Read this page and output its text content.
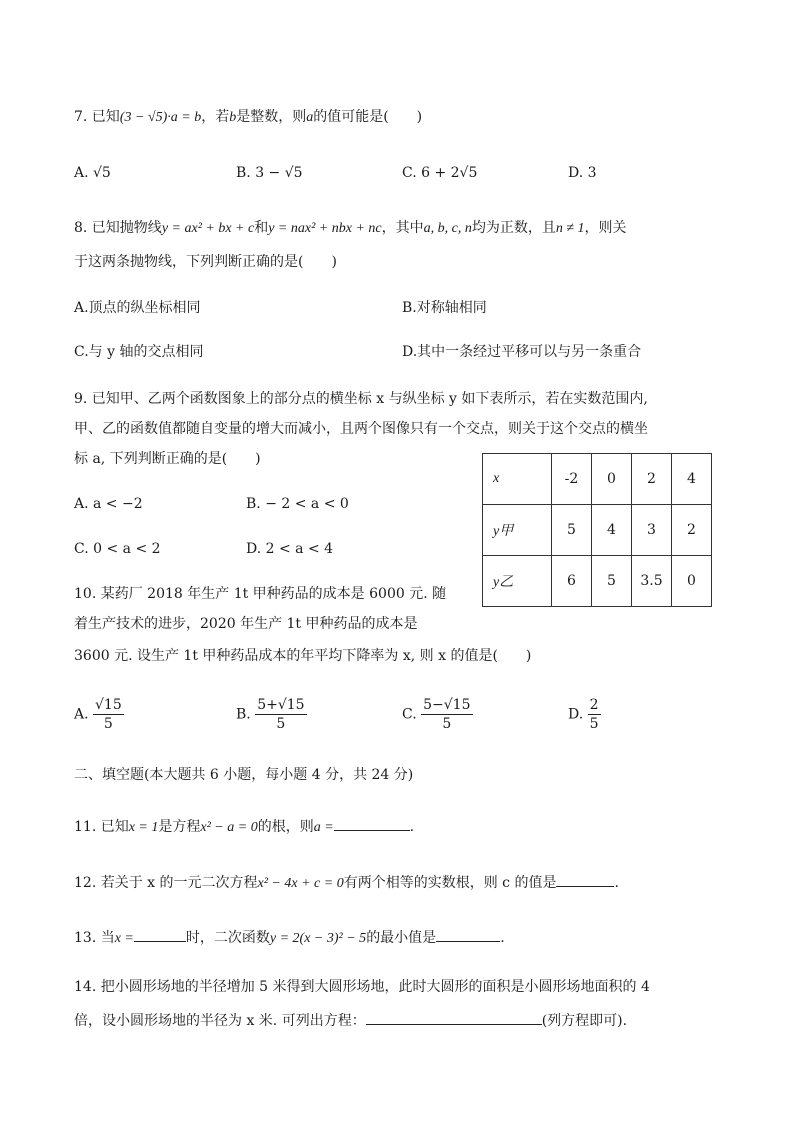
7. 已知(3 − √5)·a = b，若b是整数，则a的值可能是(　　)
A. √5	B. 3 − √5	C. 6 + 2√5	D. 3
8. 已知抛物线y = ax² + bx + c和y = nax² + nbx + nc，其中a, b, c, n均为正数，且n ≠ 1，则关
于这两条抛物线，下列判断正确的是(　　)
A.顶点的纵坐标相同	B.对称轴相同
C.与 y 轴的交点相同	D.其中一条经过平移可以与另一条重合
9. 已知甲、乙两个函数图象上的部分点的横坐标 x 与纵坐标 y 如下表所示，若在实数范围内,
甲、乙的函数值都随自变量的增大而减小，且两个图像只有一个交点，则关于这个交点的横坐
标 a, 下列判断正确的是(　　)
A. a < −2	B. − 2 < a < 0
C. 0 < a < 2	D. 2 < a < 4
x	-2	0	2	4
y甲	5	4	3	2
y乙	6	5	3.5	0
10. 某药厂 2018 年生产 1t 甲种药品的成本是 6000 元. 随
着生产技术的进步，2020 年生产 1t 甲种药品的成本是
3600 元. 设生产 1t 甲种药品成本的年平均下降率为 x, 则 x 的值是(　　)
A. $\frac{√15}{5}$	B. $\frac{5+√15}{5}$	C. $\frac{5-√15}{5}$	D. $\frac{2}{5}$
二、填空题(本大题共 6 小题，每小题 4 分，共 24 分)
11. 已知x = 1是方程x² − a = 0的根，则a =	.
12. 若关于 x 的一元二次方程x² − 4x + c = 0有两个相等的实数根，则 c 的值是	.
13. 当x =	时，二次函数y = 2(x − 3)² − 5的最小值是	.
14. 把小圆形场地的半径增加 5 米得到大圆形场地，此时大圆形的面积是小圆形场地面积的 4
倍，设小圆形场地的半径为 x 米. 可列出方程：	(列方程即可).
